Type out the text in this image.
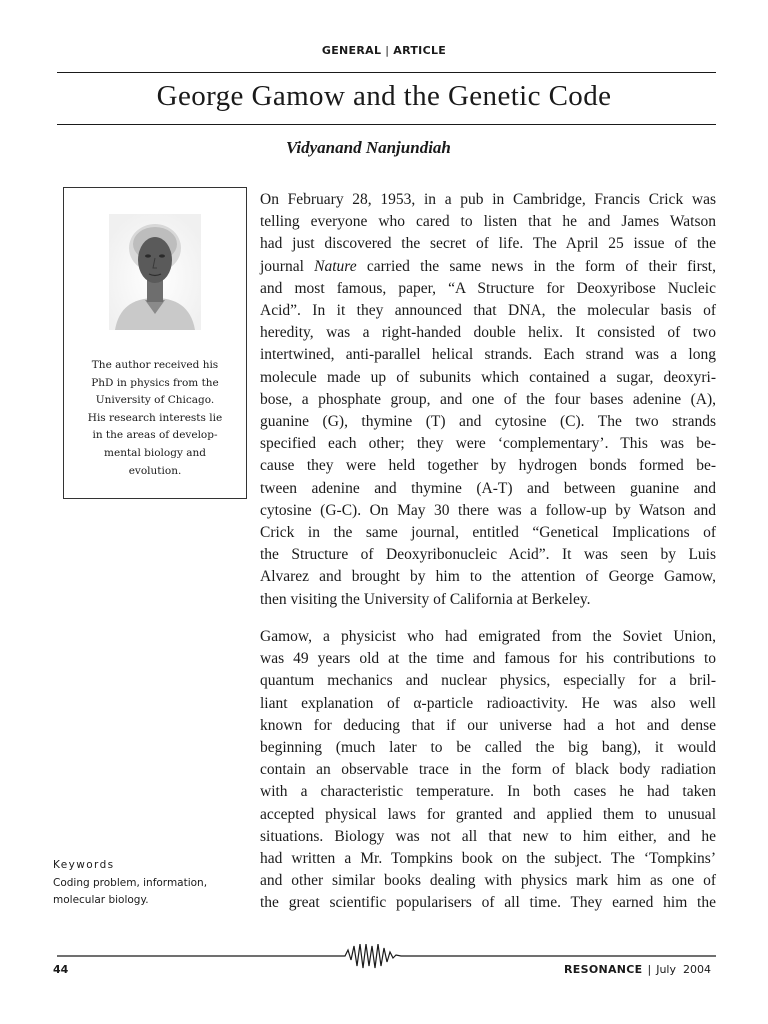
GENERAL | ARTICLE
George Gamow and the Genetic Code
Vidyanand Nanjundiah
The author received his
PhD in physics from the
University of Chicago.
His research interests lie
in the areas of develop-
mental biology and
evolution.
On February 28, 1953, in a pub in Cambridge, Francis Crick was
telling everyone who cared to listen that he and James Watson
had just discovered the secret of life. The April 25 issue of the
journal Nature carried the same news in the form of their first,
and most famous, paper, “A Structure for Deoxyribose Nucleic
Acid”. In it they announced that DNA, the molecular basis of
heredity, was a right-handed double helix. It consisted of two
intertwined, anti-parallel helical strands. Each strand was a long
molecule made up of subunits which contained a sugar, deoxyri-
bose, a phosphate group, and one of the four bases adenine (A),
guanine (G), thymine (T) and cytosine (C). The two strands
specified each other; they were ‘complementary’. This was be-
cause they were held together by hydrogen bonds formed be-
tween adenine and thymine (A-T) and between guanine and
cytosine (G-C). On May 30 there was a follow-up by Watson and
Crick in the same journal, entitled “Genetical Implications of
the Structure of Deoxyribonucleic Acid”. It was seen by Luis
Alvarez and brought by him to the attention of George Gamow,
then visiting the University of California at Berkeley.
Gamow, a physicist who had emigrated from the Soviet Union,
was 49 years old at the time and famous for his contributions to
quantum mechanics and nuclear physics, especially for a bril-
liant explanation of α-particle radioactivity. He was also well
known for deducing that if our universe had a hot and dense
beginning (much later to be called the big bang), it would
contain an observable trace in the form of black body radiation
with a characteristic temperature. In both cases he had taken
accepted physical laws for granted and applied them to unusual
situations. Biology was not all that new to him either, and he
had written a Mr. Tompkins book on the subject. The ‘Tompkins’
and other similar books dealing with physics mark him as one of
the great scientific popularisers of all time. They earned him the
Keywords
Coding problem, information,
molecular biology.
44	RESONANCE | July  2004
